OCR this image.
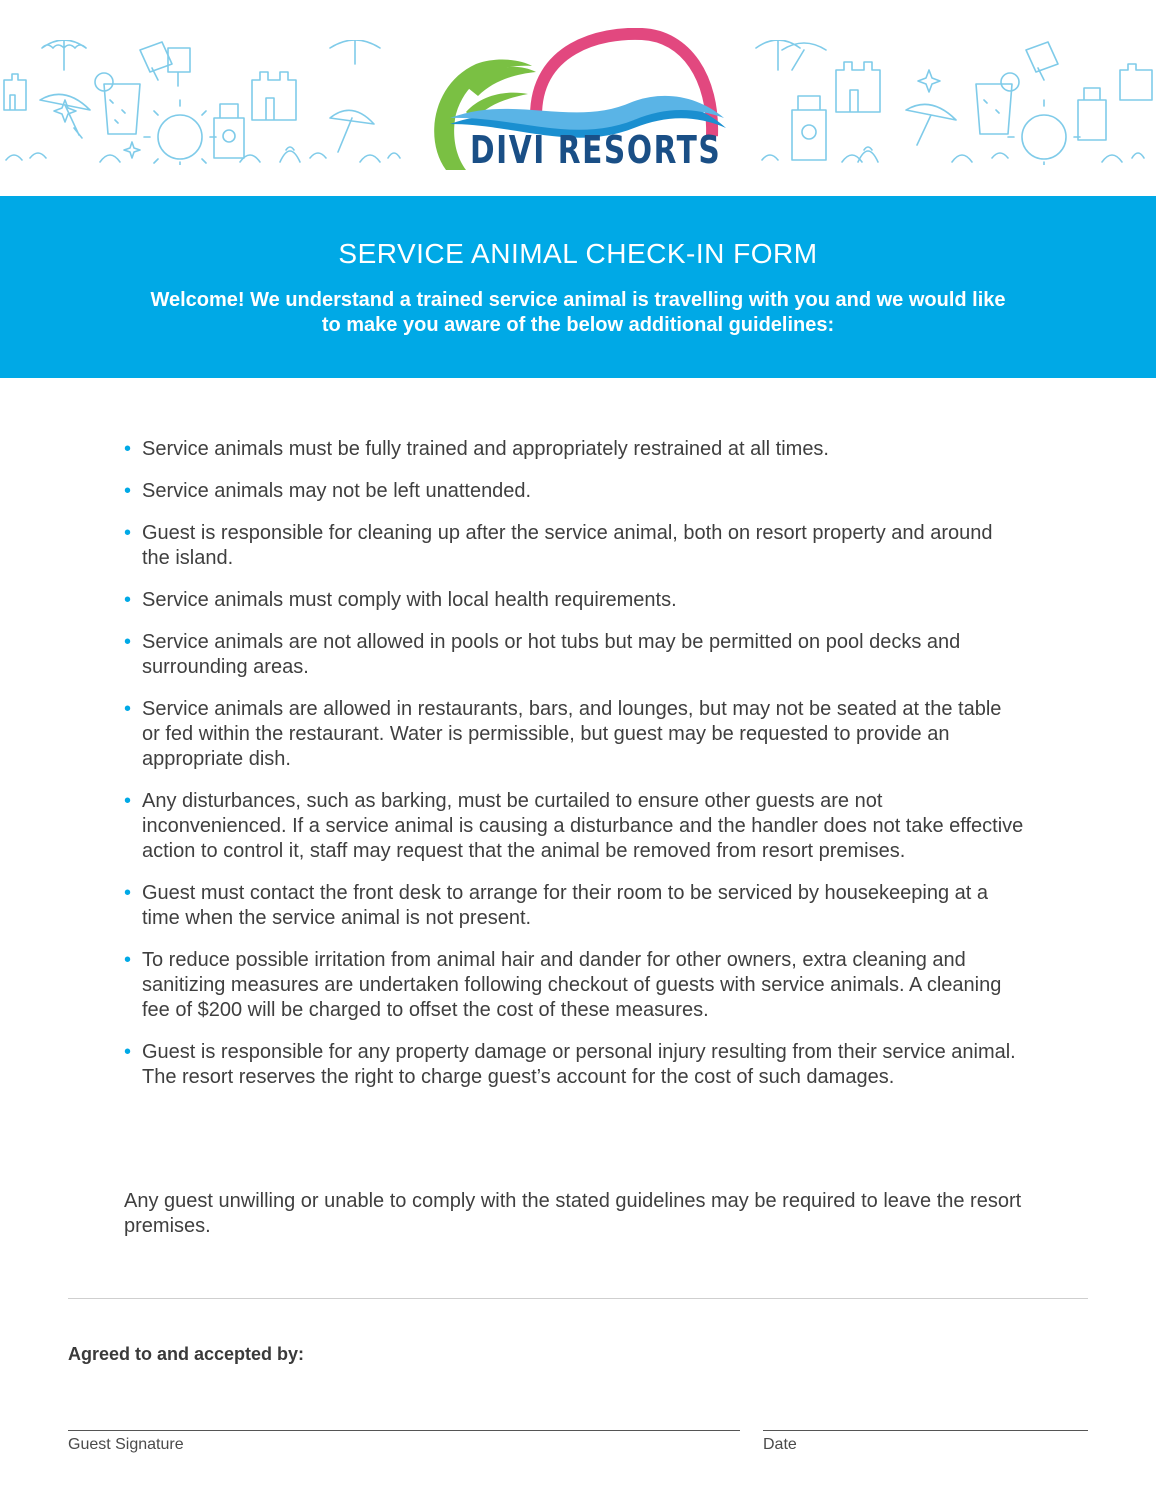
DIVI RESORTS
SERVICE ANIMAL CHECK-IN FORM

Welcome! We understand a trained service animal is travelling with you and we would like to make you aware of the below additional guidelines:

• Service animals must be fully trained and appropriately restrained at all times.
• Service animals may not be left unattended.
• Guest is responsible for cleaning up after the service animal, both on resort property and around the island.
• Service animals must comply with local health requirements.
• Service animals are not allowed in pools or hot tubs but may be permitted on pool decks and surrounding areas.
• Service animals are allowed in restaurants, bars, and lounges, but may not be seated at the table or fed within the restaurant. Water is permissible, but guest may be requested to provide an appropriate dish.
• Any disturbances, such as barking, must be curtailed to ensure other guests are not inconvenienced. If a service animal is causing a disturbance and the handler does not take effective action to control it, staff may request that the animal be removed from resort premises.
• Guest must contact the front desk to arrange for their room to be serviced by housekeeping at a time when the service animal is not present.
• To reduce possible irritation from animal hair and dander for other owners, extra cleaning and sanitizing measures are undertaken following checkout of guests with service animals. A cleaning fee of $200 will be charged to offset the cost of these measures.
• Guest is responsible for any property damage or personal injury resulting from their service animal. The resort reserves the right to charge guest’s account for the cost of such damages.

Any guest unwilling or unable to comply with the stated guidelines may be required to leave the resort premises.

Agreed to and accepted by:

Guest Signature	Date
